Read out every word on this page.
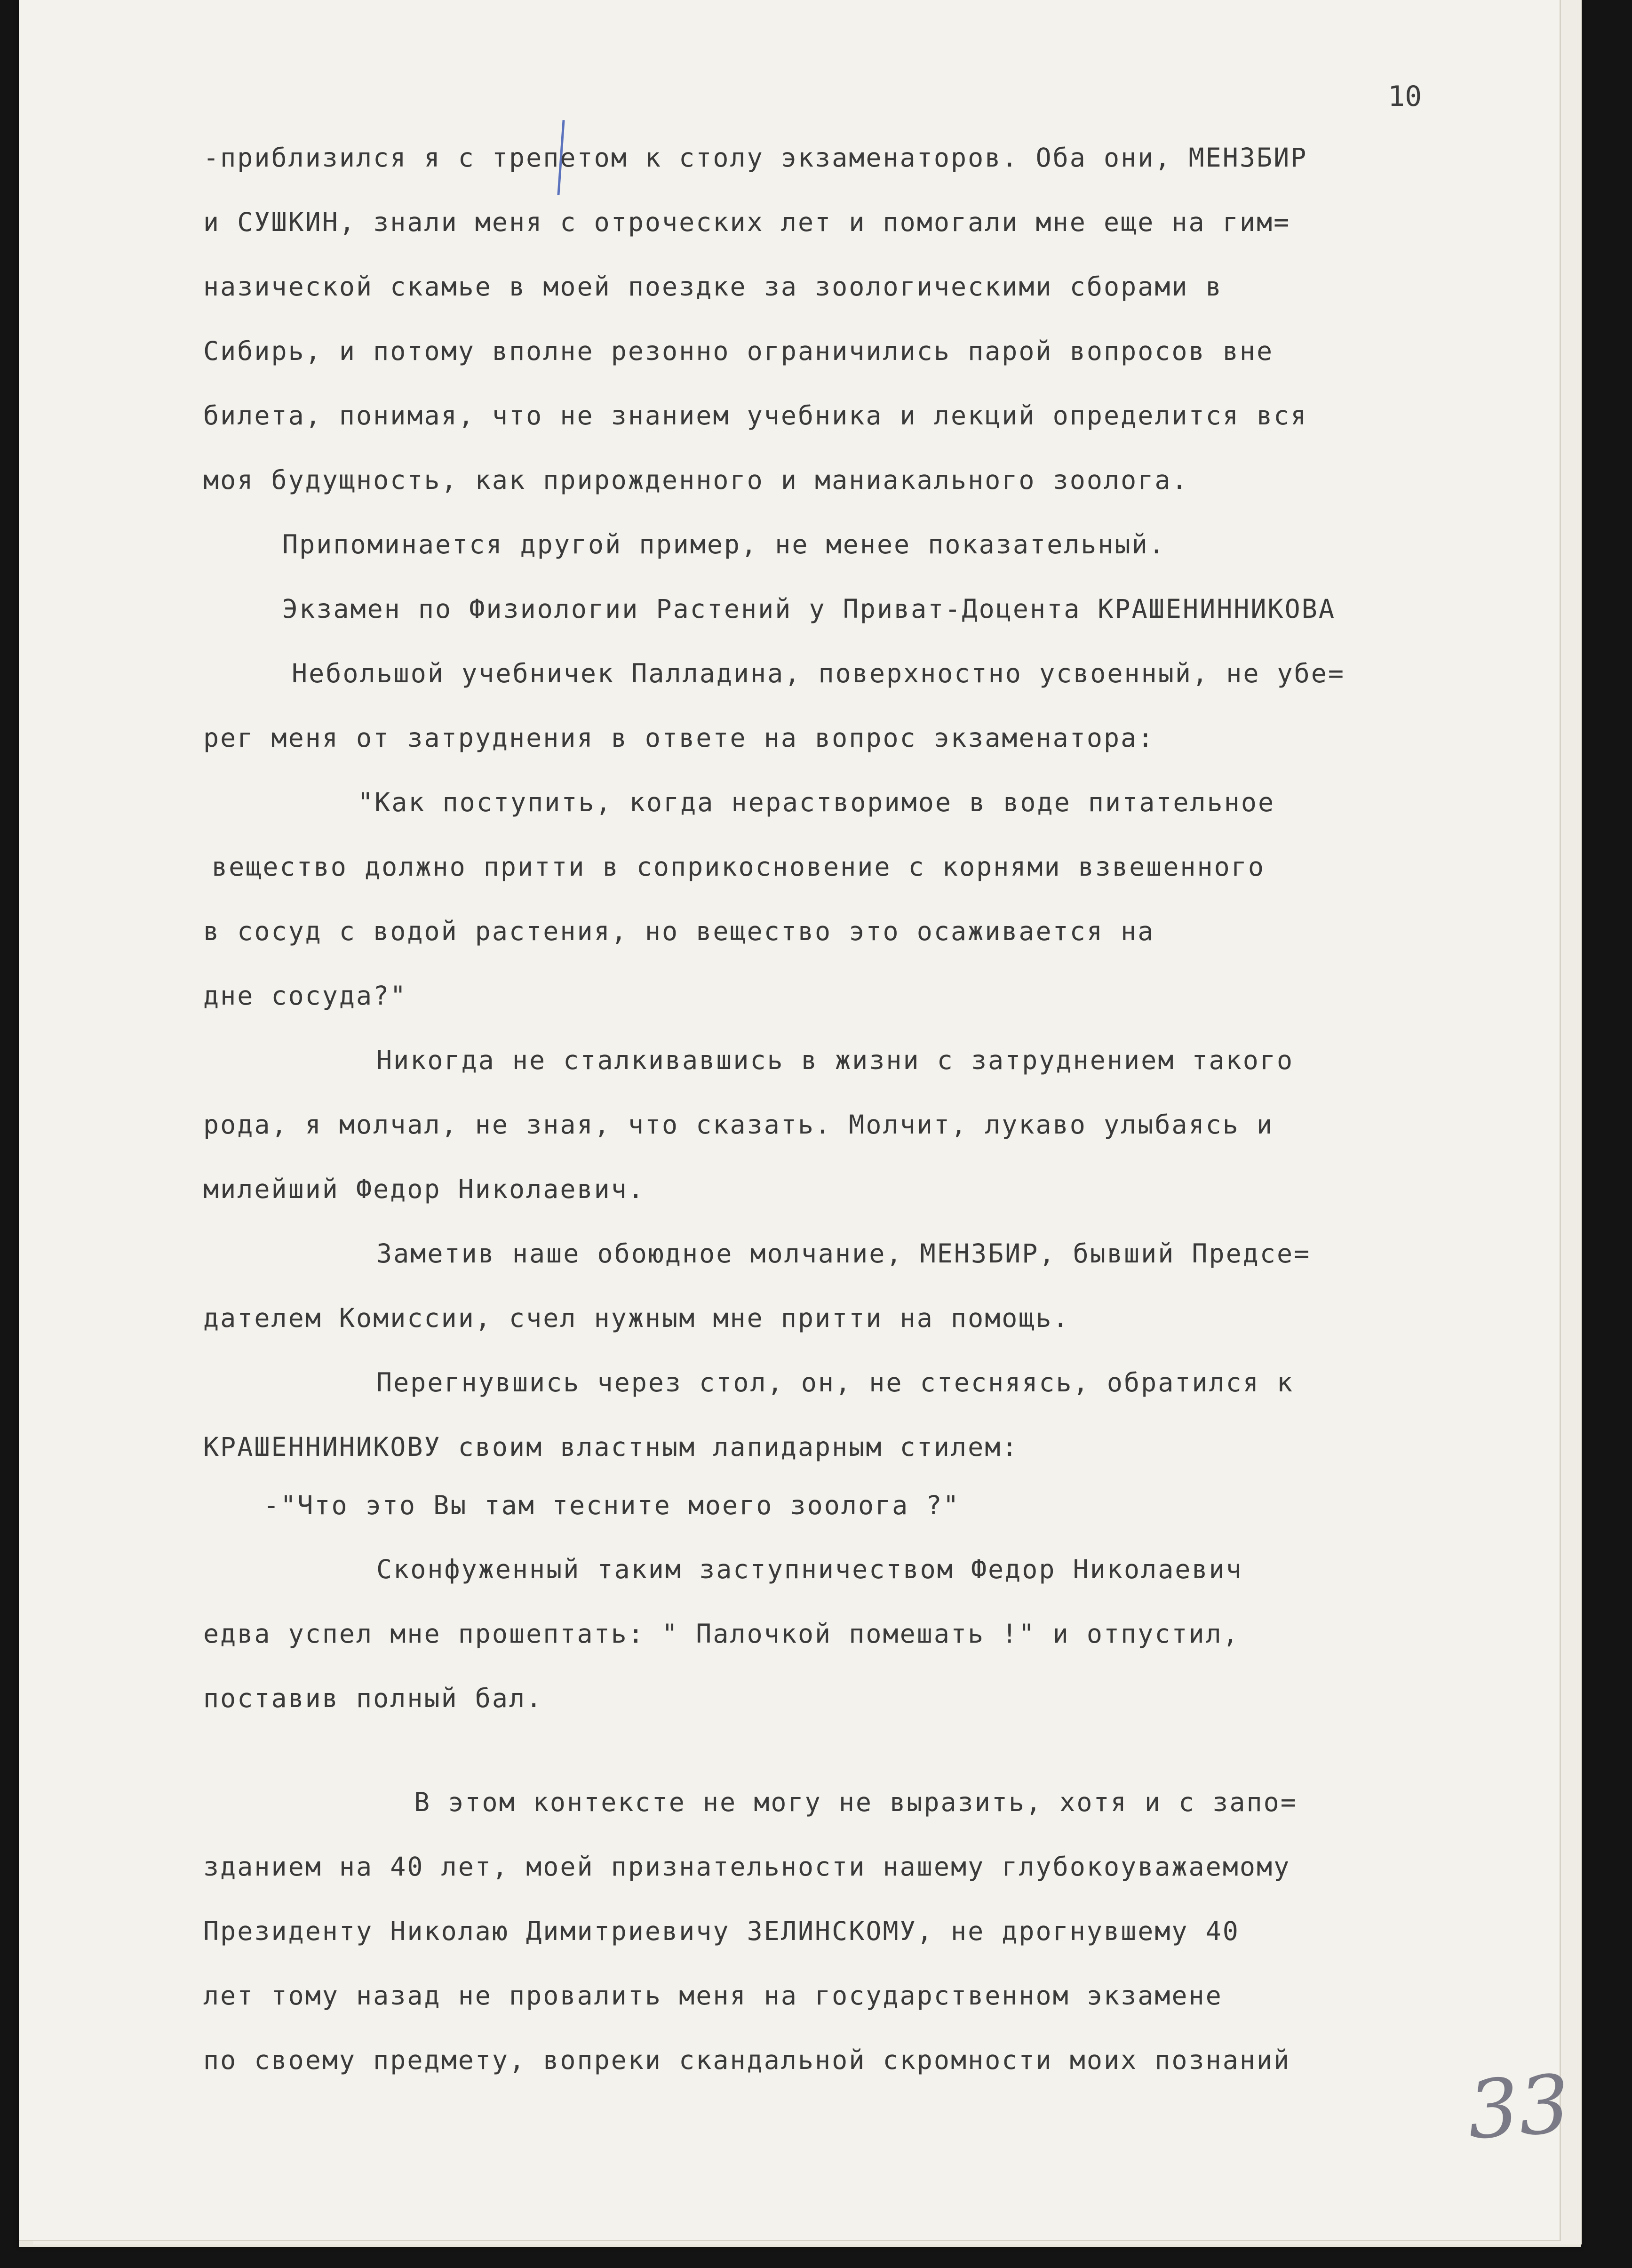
10
-приблизился я с трепетом к столу экзаменаторов. Оба они, МЕНЗБИР
и СУШКИН, знали меня с отроческих лет и помогали мне еще на гим=
назической скамье в моей поездке за зоологическими сборами в
Сибирь, и потому вполне резонно ограничились парой вопросов вне
билета, понимая, что не знанием учебника и лекций определится вся
моя будущность, как прирожденного и маниакального зоолога.
Припоминается другой пример, не менее показательный.
Экзамен по Физиологии Растений у Приват-Доцента КРАШЕНИННИКОВА
Небольшой учебничек Палладина, поверхностно усвоенный, не убе=
рег меня от затруднения в ответе на вопрос экзаменатора:
"Как поступить, когда нерастворимое в воде питательное
вещество должно притти в соприкосновение с корнями взвешенного
в сосуд с водой растения, но вещество это осаживается на
дне сосуда?"
Никогда не сталкивавшись в жизни с затруднением такого
рода, я молчал, не зная, что сказать. Молчит, лукаво улыбаясь и
милейший Федор Николаевич.
Заметив наше обоюдное молчание, МЕНЗБИР, бывший Предсе=
дателем Комиссии, счел нужным мне притти на помощь.
Перегнувшись через стол, он, не стесняясь, обратился к
КРАШЕННИНИКОВУ своим властным лапидарным стилем:
-"Что это Вы там тесните моего зоолога ?"
Сконфуженный таким заступничеством Федор Николаевич
едва успел мне прошептать: " Палочкой помешать !" и отпустил,
поставив полный бал.
В этом контексте не могу не выразить, хотя и с запо=
зданием на 40 лет, моей признательности нашему глубокоуважаемому
Президенту Николаю Димитриевичу ЗЕЛИНСКОМУ, не дрогнувшему 40
лет тому назад не провалить меня на государственном экзамене
по своему предмету, вопреки скандальной скромности моих познаний 33
